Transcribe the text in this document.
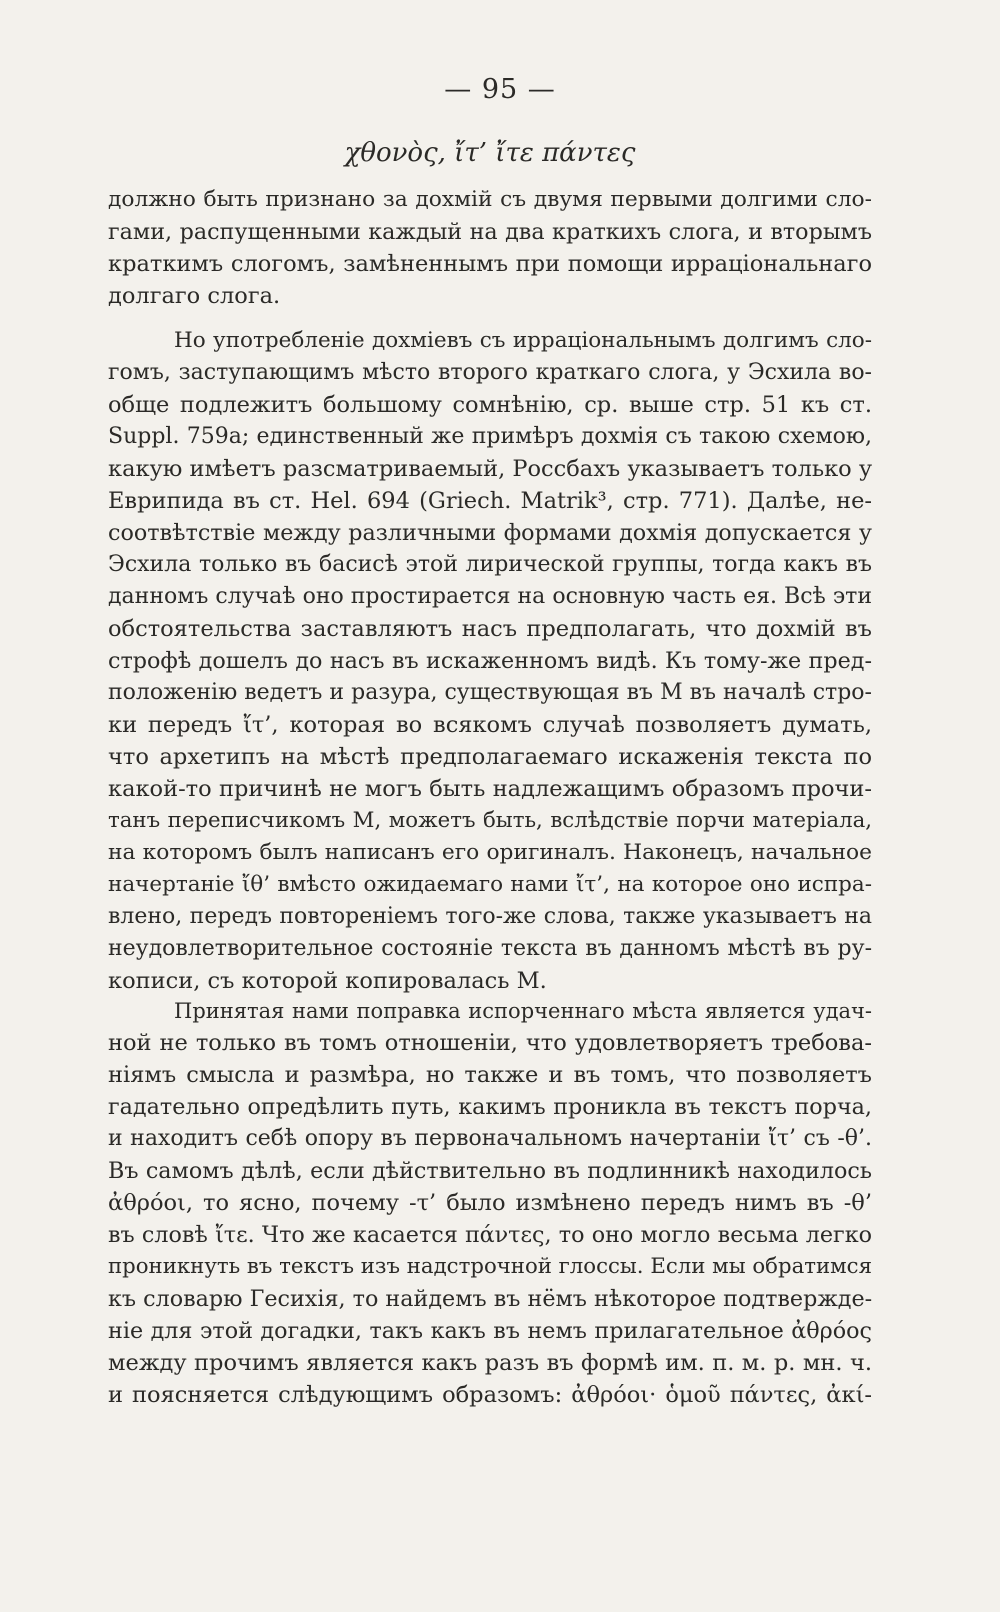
— 95 —
χθονὸς, ἴτ’ ἴτε πάντες
должно быть признано за дохмій съ двумя первыми долгими сло-
гами, распущенными каждый на два краткихъ слога, и вторымъ
краткимъ слогомъ, замѣненнымъ при помощи ирраціональнаго
долгаго слога.
Но употребленіе дохміевъ съ ирраціональнымъ долгимъ сло-
гомъ, заступающимъ мѣсто второго краткаго слога, у Эсхила во-
обще подлежитъ большому сомнѣнію, ср. выше стр. 51 къ ст.
Suppl. 759a; единственный же примѣръ дохмія съ такою схемою,
какую имѣетъ разсматриваемый, Россбахъ указываетъ только у
Еврипида въ ст. Hel. 694 (Griech. Matrik³, стр. 771). Далѣе, не-
соотвѣтствіе между различными формами дохмія допускается у
Эсхила только въ басисѣ этой лирической группы, тогда какъ въ
данномъ случаѣ оно простирается на основную часть ея. Всѣ эти
обстоятельства заставляютъ насъ предполагать, что дохмій въ
строфѣ дошелъ до насъ въ искаженномъ видѣ. Къ тому-же пред-
положенію ведетъ и разура, существующая въ М въ началѣ стро-
ки передъ ἴτ’, которая во всякомъ случаѣ позволяетъ думать,
что архетипъ на мѣстѣ предполагаемаго искаженія текста по
какой-то причинѣ не могъ быть надлежащимъ образомъ прочи-
танъ переписчикомъ М, можетъ быть, вслѣдствіе порчи матеріала,
на которомъ былъ написанъ его оригиналъ. Наконецъ, начальное
начертаніе ἴθ’ вмѣсто ожидаемаго нами ἴτ’, на которое оно испра-
влено, передъ повтореніемъ того-же слова, также указываетъ на
неудовлетворительное состояніе текста въ данномъ мѣстѣ въ ру-
кописи, съ которой копировалась М.
Принятая нами поправка испорченнаго мѣста является удач-
ной не только въ томъ отношеніи, что удовлетворяетъ требова-
ніямъ смысла и размѣра, но также и въ томъ, что позволяетъ
гадательно опредѣлить путь, какимъ проникла въ текстъ порча,
и находитъ себѣ опору въ первоначальномъ начертаніи ἴτ’ съ -θ’.
Въ самомъ дѣлѣ, если дѣйствительно въ подлинникѣ находилось
ἀθρόοι, то ясно, почему -τ’ было измѣнено передъ нимъ въ -θ’
въ словѣ ἴτε. Что же касается πάντες, то оно могло весьма легко
проникнуть въ текстъ изъ надстрочной глоссы. Если мы обратимся
къ словарю Гесихія, то найдемъ въ нёмъ нѣкоторое подтвержде-
ніе для этой догадки, такъ какъ въ немъ прилагательное ἀθρόος
между прочимъ является какъ разъ въ формѣ им. п. м. р. мн. ч.
и поясняется слѣдующимъ образомъ: ἀθρόοι· ὁμοῦ πάντες, ἀκί-
